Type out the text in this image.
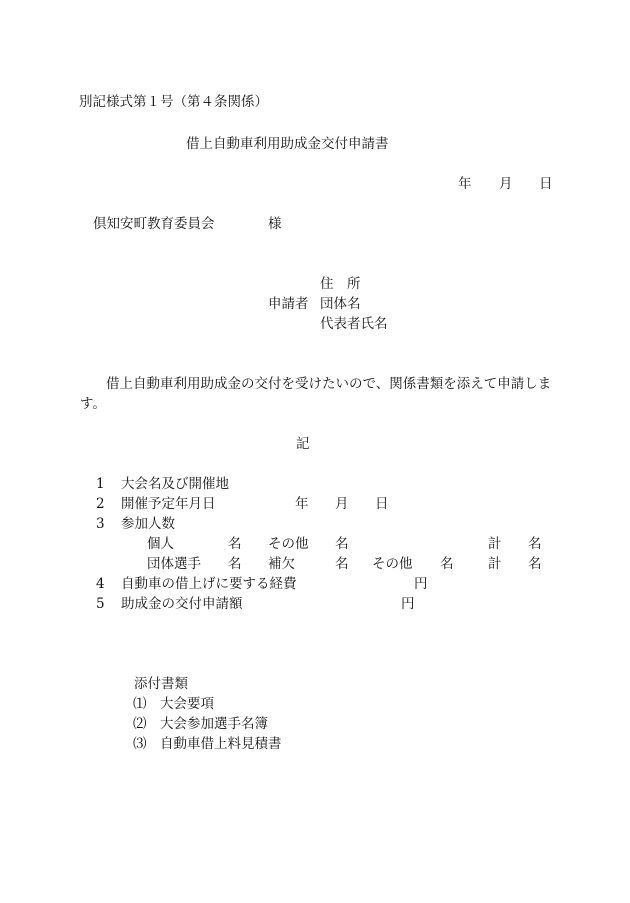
別記様式第１号（第４条関係）
借上自動車利用助成金交付申請書
年 月 日
倶知安町教育委員会	様
住　所
申請者 団体名
代表者氏名
借上自動車利用助成金の交付を受けたいので、関係書類を添えて申請しま
す。
記
1 大会名及び開催地
2 開催予定年月日	年 月 日
3 参加人数
個人	名 その他 名	計 名
団体選手 名 補欠	名 その他 名	計 名
4 自動車の借上げに要する経費	円
5 助成金の交付申請額	円
添付書類
⑴ 大会要項
⑵ 大会参加選手名簿
⑶ 自動車借上料見積書
